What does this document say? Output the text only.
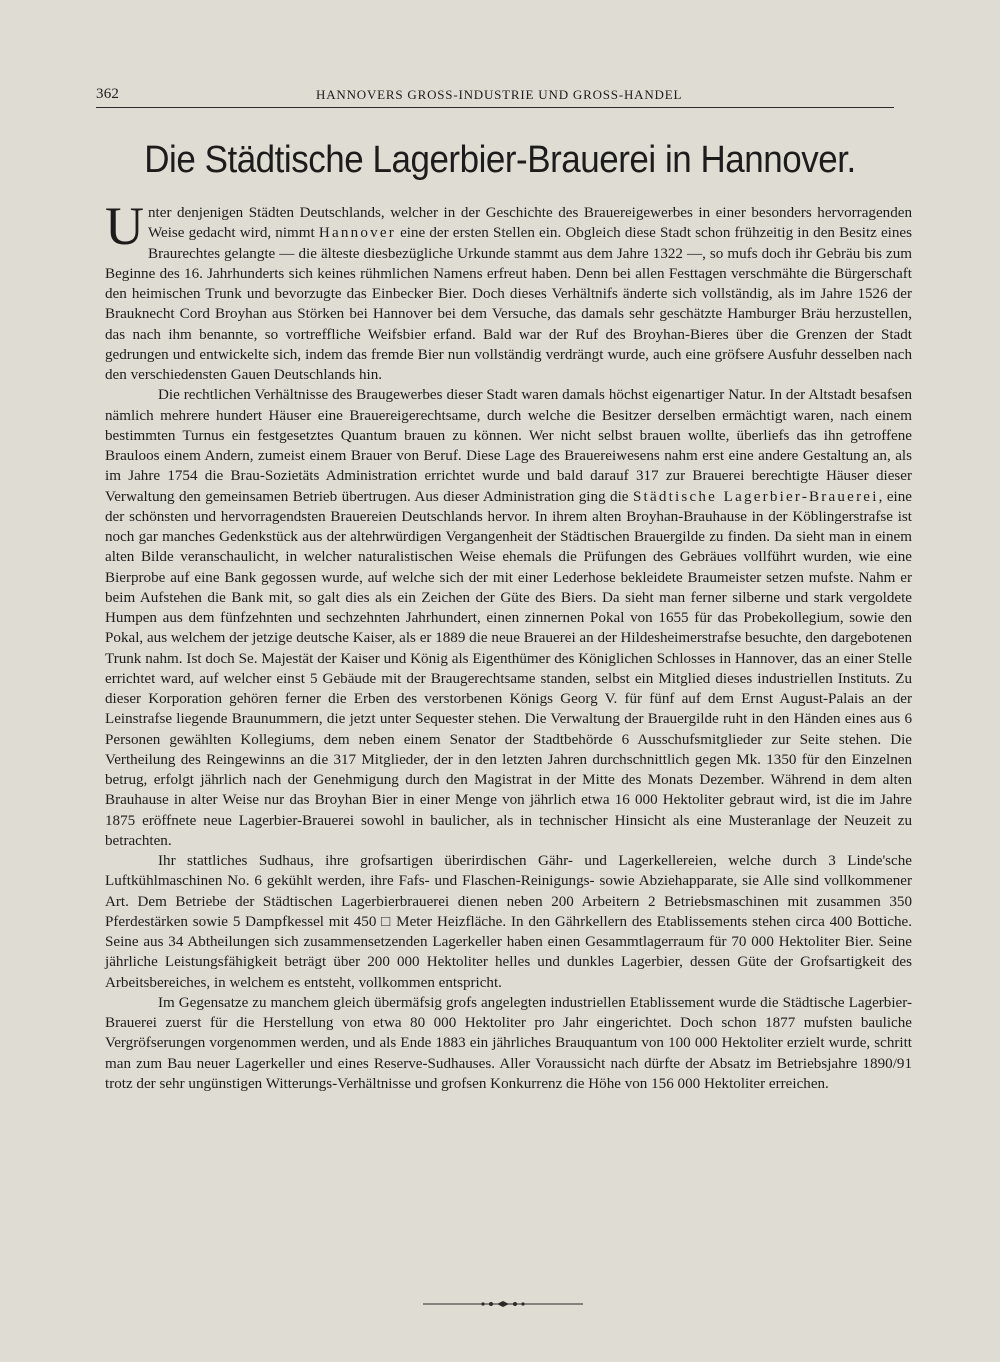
362	HANNOVERS GROSS-INDUSTRIE UND GROSS-HANDEL
Die Städtische Lagerbier-Brauerei in Hannover.

Unter denjenigen Städten Deutschlands, welcher in der Geschichte des Brauereigewerbes in einer besonders hervorragenden Weise gedacht wird, nimmt Hannover eine der ersten Stellen ein. Obgleich diese Stadt schon frühzeitig in den Besitz eines Braurechtes gelangte — die älteste diesbezügliche Urkunde stammt aus dem Jahre 1322 —, so mufs doch ihr Gebräu bis zum Beginne des 16. Jahrhunderts sich keines rühmlichen Namens erfreut haben. Denn bei allen Festtagen verschmähte die Bürgerschaft den heimischen Trunk und bevorzugte das Einbecker Bier. Doch dieses Verhältnifs änderte sich vollständig, als im Jahre 1526 der Brauknecht Cord Broyhan aus Störken bei Hannover bei dem Versuche, das damals sehr geschätzte Hamburger Bräu herzustellen, das nach ihm benannte, so vortreffliche Weifsbier erfand. Bald war der Ruf des Broyhan-Bieres über die Grenzen der Stadt gedrungen und entwickelte sich, indem das fremde Bier nun vollständig verdrängt wurde, auch eine gröfsere Ausfuhr desselben nach den verschiedensten Gauen Deutschlands hin.

Die rechtlichen Verhältnisse des Braugewerbes dieser Stadt waren damals höchst eigenartiger Natur. In der Altstadt besafsen nämlich mehrere hundert Häuser eine Brauereigerechtsame, durch welche die Besitzer derselben ermächtigt waren, nach einem bestimmten Turnus ein festgesetztes Quantum brauen zu können. Wer nicht selbst brauen wollte, überliefs das ihn getroffene Brauloos einem Andern, zumeist einem Brauer von Beruf. Diese Lage des Brauereiwesens nahm erst eine andere Gestaltung an, als im Jahre 1754 die Brau-Sozietäts Administration errichtet wurde und bald darauf 317 zur Brauerei berechtigte Häuser dieser Verwaltung den gemeinsamen Betrieb übertrugen. Aus dieser Administration ging die Städtische Lagerbier-Brauerei, eine der schönsten und hervorragendsten Brauereien Deutschlands hervor. In ihrem alten Broyhan-Brauhause in der Köblingerstrafse ist noch gar manches Gedenkstück aus der altehrwürdigen Vergangenheit der Städtischen Brauergilde zu finden. Da sieht man in einem alten Bilde veranschaulicht, in welcher naturalistischen Weise ehemals die Prüfungen des Gebräues vollführt wurden, wie eine Bierprobe auf eine Bank gegossen wurde, auf welche sich der mit einer Lederhose bekleidete Braumeister setzen mufste. Nahm er beim Aufstehen die Bank mit, so galt dies als ein Zeichen der Güte des Biers. Da sieht man ferner silberne und stark vergoldete Humpen aus dem fünfzehnten und sechzehnten Jahrhundert, einen zinnernen Pokal von 1655 für das Probekollegium, sowie den Pokal, aus welchem der jetzige deutsche Kaiser, als er 1889 die neue Brauerei an der Hildesheimerstrafse besuchte, den dargebotenen Trunk nahm. Ist doch Se. Majestät der Kaiser und König als Eigenthümer des Königlichen Schlosses in Hannover, das an einer Stelle errichtet ward, auf welcher einst 5 Gebäude mit der Braugerechtsame standen, selbst ein Mitglied dieses industriellen Instituts. Zu dieser Korporation gehören ferner die Erben des verstorbenen Königs Georg V. für fünf auf dem Ernst August-Palais an der Leinstrafse liegende Braunummern, die jetzt unter Sequester stehen. Die Verwaltung der Brauergilde ruht in den Händen eines aus 6 Personen gewählten Kollegiums, dem neben einem Senator der Stadtbehörde 6 Ausschufsmitglieder zur Seite stehen. Die Vertheilung des Reingewinns an die 317 Mitglieder, der in den letzten Jahren durchschnittlich gegen Mk. 1350 für den Einzelnen betrug, erfolgt jährlich nach der Genehmigung durch den Magistrat in der Mitte des Monats Dezember. Während in dem alten Brauhause in alter Weise nur das Broyhan Bier in einer Menge von jährlich etwa 16 000 Hektoliter gebraut wird, ist die im Jahre 1875 eröffnete neue Lagerbier-Brauerei sowohl in baulicher, als in technischer Hinsicht als eine Musteranlage der Neuzeit zu betrachten.

Ihr stattliches Sudhaus, ihre grofsartigen überirdischen Gähr- und Lagerkellereien, welche durch 3 Linde'sche Luftkühlmaschinen No. 6 gekühlt werden, ihre Fafs- und Flaschen-Reinigungs- sowie Abziehapparate, sie Alle sind vollkommener Art. Dem Betriebe der Städtischen Lagerbierbrauerei dienen neben 200 Arbeitern 2 Betriebsmaschinen mit zusammen 350 Pferdestärken sowie 5 Dampfkessel mit 450 □ Meter Heizfläche. In den Gährkellern des Etablissements stehen circa 400 Bottiche. Seine aus 34 Abtheilungen sich zusammensetzenden Lagerkeller haben einen Gesammtlagerraum für 70 000 Hektoliter Bier. Seine jährliche Leistungsfähigkeit beträgt über 200 000 Hektoliter helles und dunkles Lagerbier, dessen Güte der Grofsartigkeit des Arbeitsbereiches, in welchem es entsteht, vollkommen entspricht.

Im Gegensatze zu manchem gleich übermäfsig grofs angelegten industriellen Etablissement wurde die Städtische Lagerbier-Brauerei zuerst für die Herstellung von etwa 80 000 Hektoliter pro Jahr eingerichtet. Doch schon 1877 mufsten bauliche Vergröfserungen vorgenommen werden, und als Ende 1883 ein jährliches Brauquantum von 100 000 Hektoliter erzielt wurde, schritt man zum Bau neuer Lagerkeller und eines Reserve-Sudhauses. Aller Voraussicht nach dürfte der Absatz im Betriebsjahre 1890/91 trotz der sehr ungünstigen Witterungs-Verhältnisse und grofsen Konkurrenz die Höhe von 156 000 Hektoliter erreichen.
